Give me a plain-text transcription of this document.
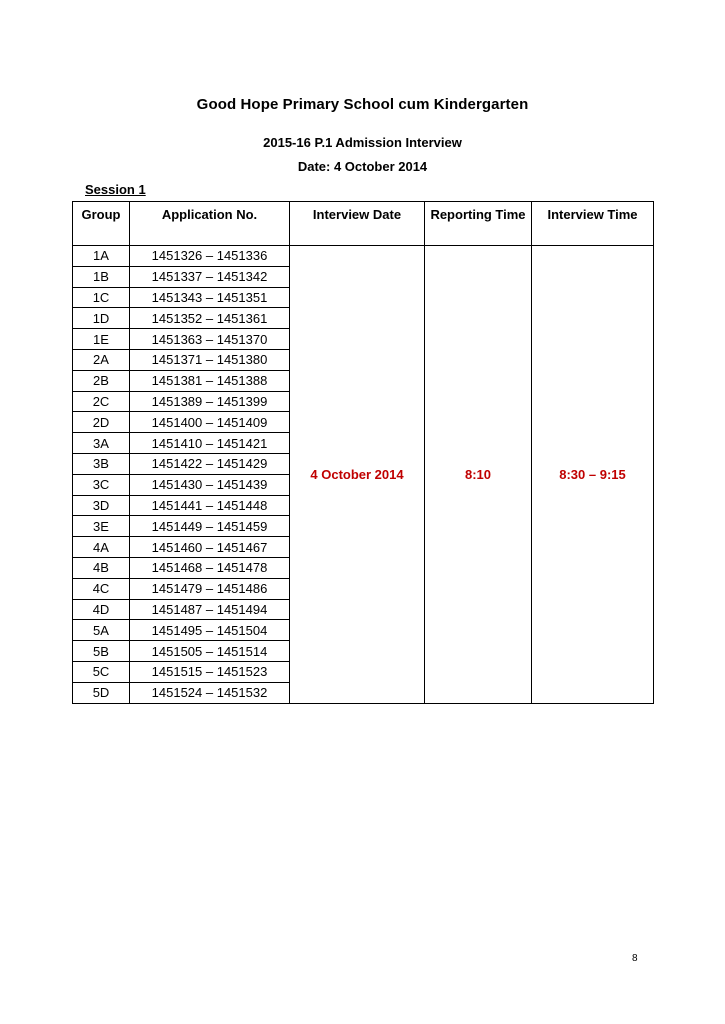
Good Hope Primary School cum Kindergarten
2015-16 P.1 Admission Interview
Date: 4 October 2014
Session 1
Group	Application No.	Interview Date	Reporting Time	Interview Time
1A	1451326 – 1451336	4 October 2014	8:10	8:30 – 9:15
1B	1451337 – 1451342			
1C	1451343 – 1451351			
1D	1451352 – 1451361			
1E	1451363 – 1451370			
2A	1451371 – 1451380			
2B	1451381 – 1451388			
2C	1451389 – 1451399			
2D	1451400 – 1451409			
3A	1451410 – 1451421			
3B	1451422 – 1451429			
3C	1451430 – 1451439			
3D	1451441 – 1451448			
3E	1451449 – 1451459			
4A	1451460 – 1451467			
4B	1451468 – 1451478			
4C	1451479 – 1451486			
4D	1451487 – 1451494			
5A	1451495 – 1451504			
5B	1451505 – 1451514			
5C	1451515 – 1451523			
5D	1451524 – 1451532			
8
